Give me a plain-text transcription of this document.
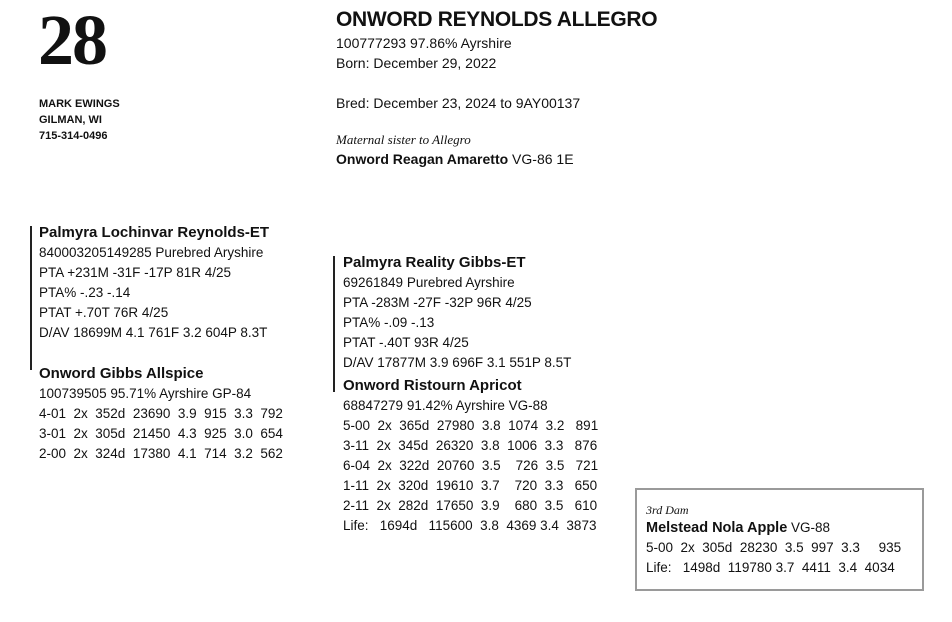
28
MARK EWINGS
GILMAN, WI
715-314-0496
ONWORD REYNOLDS ALLEGRO
100777293 97.86% Ayrshire
Born: December 29, 2022
Bred: December 23, 2024 to 9AY00137
Maternal sister to Allegro
Onword Reagan Amaretto VG-86 1E
Palmyra Lochinvar Reynolds-ET
840003205149285 Purebred Aryshire
PTA +231M -31F -17P 81R 4/25
PTA% -.23 -.14
PTAT +.70T 76R 4/25
D/AV 18699M 4.1 761F 3.2 604P 8.3T
Onword Gibbs Allspice
100739505 95.71% Ayrshire GP-84
4-01  2x  352d  23690  3.9  915  3.3  792
3-01  2x  305d  21450  4.3  925  3.0  654
2-00  2x  324d  17380  4.1  714  3.2  562
Palmyra Reality Gibbs-ET
69261849 Purebred Ayrshire
PTA -283M -27F -32P 96R 4/25
PTA% -.09 -.13
PTAT -.40T 93R 4/25
D/AV 17877M 3.9 696F 3.1 551P 8.5T
Onword Ristourn Apricot
68847279 91.42% Ayrshire VG-88
5-00  2x  365d  27980  3.8  1074  3.2   891
3-11  2x  345d  26320  3.8  1006  3.3   876
6-04  2x  322d  20760  3.5    726  3.5   721
1-11  2x  320d  19610  3.7    720  3.3   650
2-11  2x  282d  17650  3.9    680  3.5   610
Life:   1694d   115600  3.8  4369 3.4  3873
3rd Dam
Melstead Nola Apple VG-88
5-00  2x  305d  28230  3.5  997  3.3     935
Life:   1498d  119780 3.7  4411  3.4  4034
